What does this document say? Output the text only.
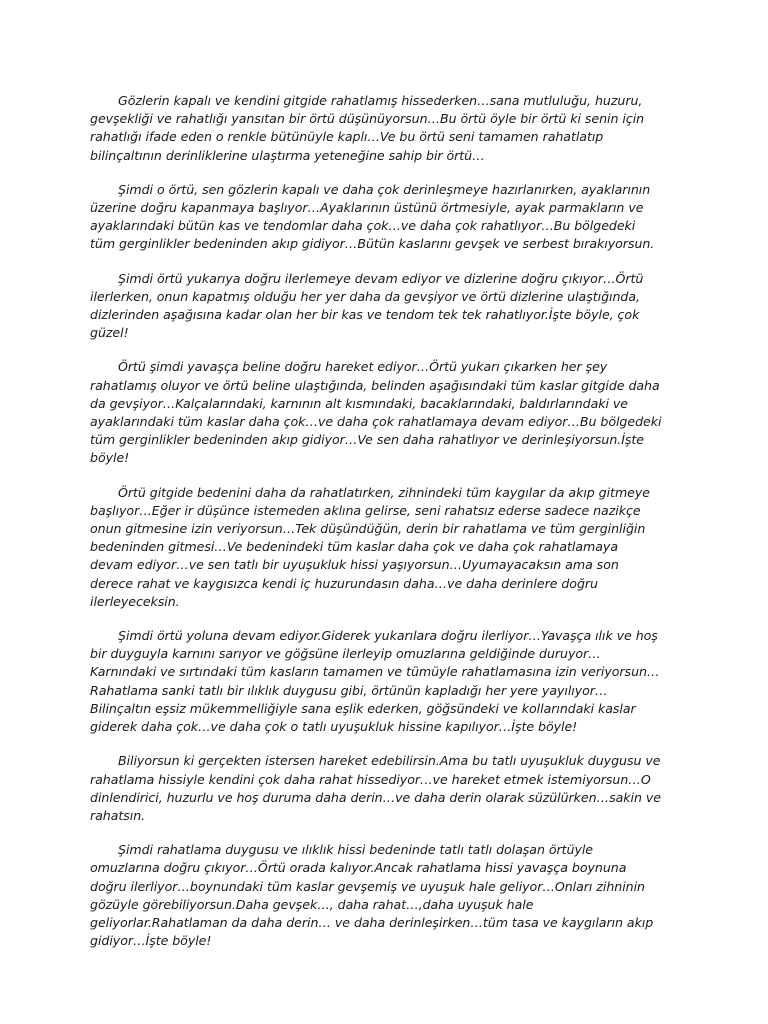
Gözlerin kapalı ve kendini gitgide rahatlamış hissederken…sana mutluluğu, huzuru, gevşekliği ve rahatlığı yansıtan bir örtü düşünüyorsun…Bu örtü öyle bir örtü ki senin için rahatlığı ifade eden o renkle bütünüyle kaplı…Ve bu örtü seni tamamen rahatlatıp bilinçaltının derinliklerine ulaştırma yeteneğine sahip bir örtü…

Şimdi o örtü, sen gözlerin kapalı ve daha çok derinleşmeye hazırlanırken, ayaklarının üzerine doğru kapanmaya başlıyor…Ayaklarının üstünü örtmesiyle, ayak parmakların ve ayaklarındaki bütün kas ve tendomlar daha çok…ve daha çok rahatlıyor…Bu bölgedeki tüm gerginlikler bedeninden akıp gidiyor…Bütün kaslarını gevşek ve serbest bırakıyorsun.

Şimdi örtü yukarıya doğru ilerlemeye devam ediyor ve dizlerine doğru çıkıyor…Örtü ilerlerken, onun kapatmış olduğu her yer daha da gevşiyor ve örtü dizlerine ulaştığında, dizlerinden aşağısına kadar olan her bir kas ve tendom tek tek rahatlıyor.İşte böyle, çok güzel!

Örtü şimdi yavaşça beline doğru hareket ediyor…Örtü yukarı çıkarken her şey rahatlamış oluyor ve örtü beline ulaştığında, belinden aşağısındaki tüm kaslar gitgide daha da gevşiyor…Kalçalarındaki, karnının alt kısmındaki, bacaklarındaki, baldırlarındaki ve ayaklarındaki tüm kaslar daha çok…ve daha çok rahatlamaya devam ediyor…Bu bölgedeki tüm gerginlikler bedeninden akıp gidiyor…Ve sen daha rahatlıyor ve derinleşiyorsun.İşte böyle!

Örtü gitgide bedenini daha da rahatlatırken, zihnindeki tüm kaygılar da akıp gitmeye başlıyor…Eğer ir düşünce istemeden aklına gelirse, seni rahatsız ederse sadece nazikçe onun gitmesine izin veriyorsun…Tek düşündüğün, derin bir rahatlama ve tüm gerginliğin bedeninden gitmesi…Ve bedenindeki tüm kaslar daha çok ve daha çok rahatlamaya devam ediyor…ve sen tatlı bir uyuşukluk hissi yaşıyorsun…Uyumayacaksın ama son derece rahat ve kaygısızca kendi iç huzurundasın daha…ve daha derinlere doğru ilerleyeceksin.

Şimdi örtü yoluna devam ediyor.Giderek yukarılara doğru ilerliyor…Yavaşça ılık ve hoş bir duyguyla karnını sarıyor ve göğsüne ilerleyip omuzlarına geldiğinde duruyor…Karnındaki ve sırtındaki tüm kasların tamamen ve tümüyle rahatlamasına izin veriyorsun…Rahatlama sanki tatlı bir ılıklık duygusu gibi, örtünün kapladığı her yere yayılıyor…Bilinçaltın eşsiz mükemmelliğiyle sana eşlik ederken, göğsündeki ve kollarındaki kaslar giderek daha çok…ve daha çok o tatlı uyuşukluk hissine kapılıyor…İşte böyle!

Biliyorsun ki gerçekten istersen hareket edebilirsin.Ama bu tatlı uyuşukluk duygusu ve rahatlama hissiyle kendini çok daha rahat hissediyor…ve hareket etmek istemiyorsun…O dinlendirici, huzurlu ve hoş duruma daha derin…ve daha derin olarak süzülürken…sakin ve rahatsın.

Şimdi rahatlama duygusu ve ılıklık hissi bedeninde tatlı tatlı dolaşan örtüyle omuzlarına doğru çıkıyor…Örtü orada kalıyor.Ancak rahatlama hissi yavaşça boynuna doğru ilerliyor…boynundaki tüm kaslar gevşemiş ve uyuşuk hale geliyor…Onları zihninin gözüyle görebiliyorsun.Daha gevşek…, daha rahat…,daha uyuşuk hale geliyorlar.Rahatlaman da daha derin… ve daha derinleşirken…tüm tasa ve kaygıların akıp gidiyor…İşte böyle!
